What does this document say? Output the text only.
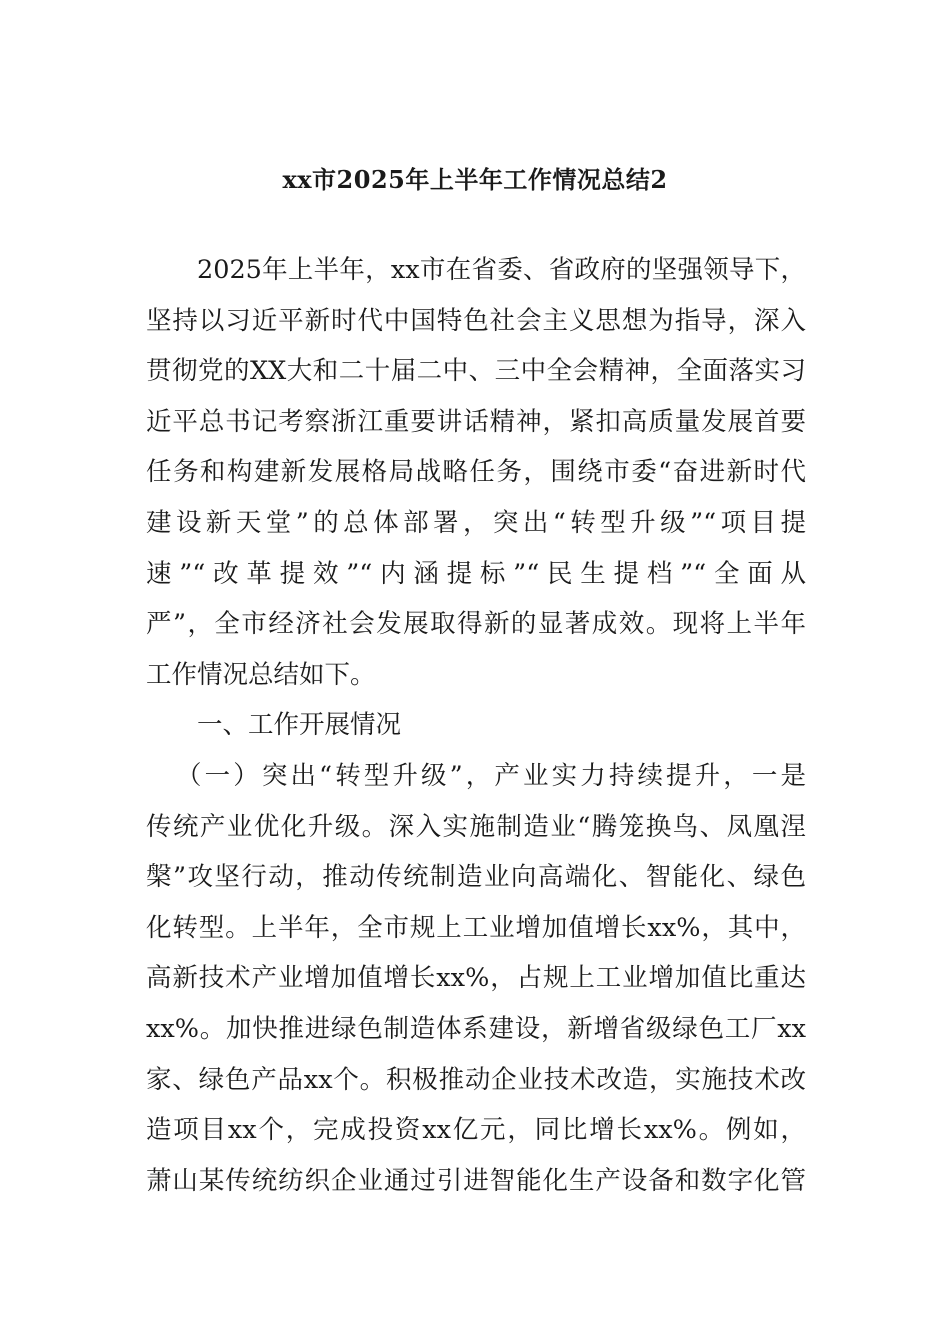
xx市2025年上半年工作情况总结2
2025年上半年，xx市在省委、省政府的坚强领导下，
坚持以习近平新时代中国特色社会主义思想为指导，深入
贯彻党的XX大和二十届二中、三中全会精神，全面落实习
近平总书记考察浙江重要讲话精神，紧扣高质量发展首要
任务和构建新发展格局战略任务，围绕市委“奋进新时代
建设新天堂”的总体部署，突出“转型升级”“项目提
速”“改革提效”“内涵提标”“民生提档”“全面从
严”，全市经济社会发展取得新的显著成效。现将上半年
工作情况总结如下。
一、工作开展情况
（一）突出“转型升级”，产业实力持续提升，一是
传统产业优化升级。深入实施制造业“腾笼换鸟、凤凰涅
槃”攻坚行动，推动传统制造业向高端化、智能化、绿色
化转型。上半年，全市规上工业增加值增长xx%，其中，
高新技术产业增加值增长xx%，占规上工业增加值比重达
xx%。加快推进绿色制造体系建设，新增省级绿色工厂xx
家、绿色产品xx个。积极推动企业技术改造，实施技术改
造项目xx个，完成投资xx亿元，同比增长xx%。例如，
萧山某传统纺织企业通过引进智能化生产设备和数字化管
